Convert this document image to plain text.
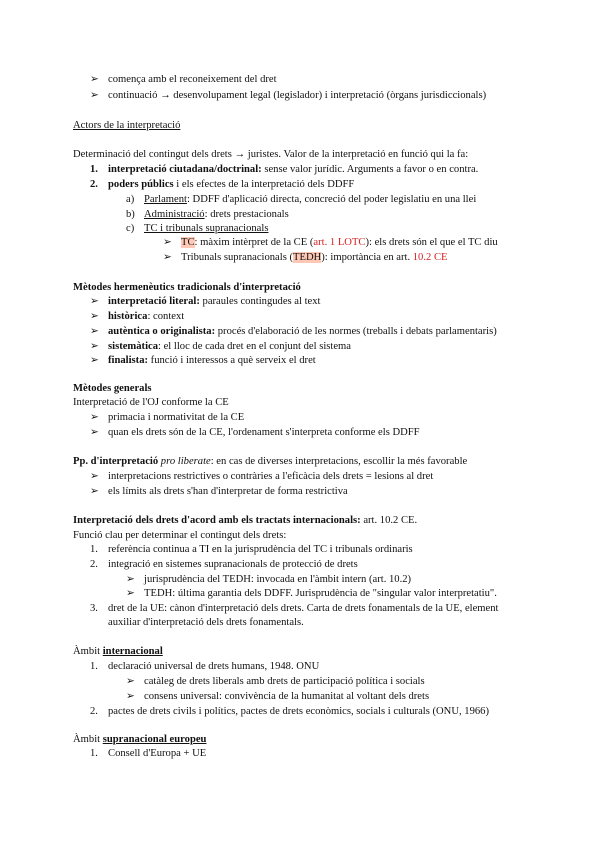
➢ comença amb el reconeixement del dret
➢ continuació → desenvolupament legal (legislador) i interpretació (òrgans jurisdiccionals)
Actors de la interpretació
Determinació del contingut dels drets → juristes. Valor de la interpretació en funció qui la fa:
1. interpretació ciutadana/doctrinal: sense valor jurídic. Arguments a favor o en contra.
2. poders públics i els efectes de la interpretació dels DDFF
a) Parlament: DDFF d'aplicació directa, concreció del poder legislatiu en una llei
b) Administració: drets prestacionals
c) TC i tribunals supranacionals
➢ TC: màxim intèrpret de la CE (art. 1 LOTC): els drets són el que el TC diu
➢ Tribunals supranacionals (TEDH): importància en art. 10.2 CE
Mètodes hermenèutics tradicionals d'interpretació
➢ interpretació literal: paraules contingudes al text
➢ històrica: context
➢ autèntica o originalista: procés d'elaboració de les normes (treballs i debats parlamentaris)
➢ sistemàtica: el lloc de cada dret en el conjunt del sistema
➢ finalista: funció i interessos a què serveix el dret
Mètodes generals
Interpretació de l'OJ conforme la CE
➢ primacia i normativitat de la CE
➢ quan els drets són de la CE, l'ordenament s'interpreta conforme els DDFF
Pp. d'interpretació pro liberate: en cas de diverses interpretacions, escollir la més favorable
➢ interpretacions restrictives o contràries a l'eficàcia dels drets = lesions al dret
➢ els límits als drets s'han d'interpretar de forma restrictiva
Interpretació dels drets d'acord amb els tractats internacionals: art. 10.2 CE.
Funció clau per determinar el contingut dels drets:
1. referència continua a TI en la jurisprudència del TC i tribunals ordinaris
2. integració en sistemes supranacionals de protecció de drets
➢ jurisprudència del TEDH: invocada en l'àmbit intern (art. 10.2)
➢ TEDH: última garantia dels DDFF. Jurisprudència de "singular valor interpretatiu".
3. dret de la UE: cànon d'interpretació dels drets. Carta de drets fonamentals de la UE, element
auxiliar d'interpretació dels drets fonamentals.
Àmbit internacional
1. declaració universal de drets humans, 1948. ONU
➢ catàleg de drets liberals amb drets de participació política i socials
➢ consens universal: convivència de la humanitat al voltant dels drets
2. pactes de drets civils i polítics, pactes de drets econòmics, socials i culturals (ONU, 1966)
Àmbit supranacional europeu
1. Consell d'Europa + UE
